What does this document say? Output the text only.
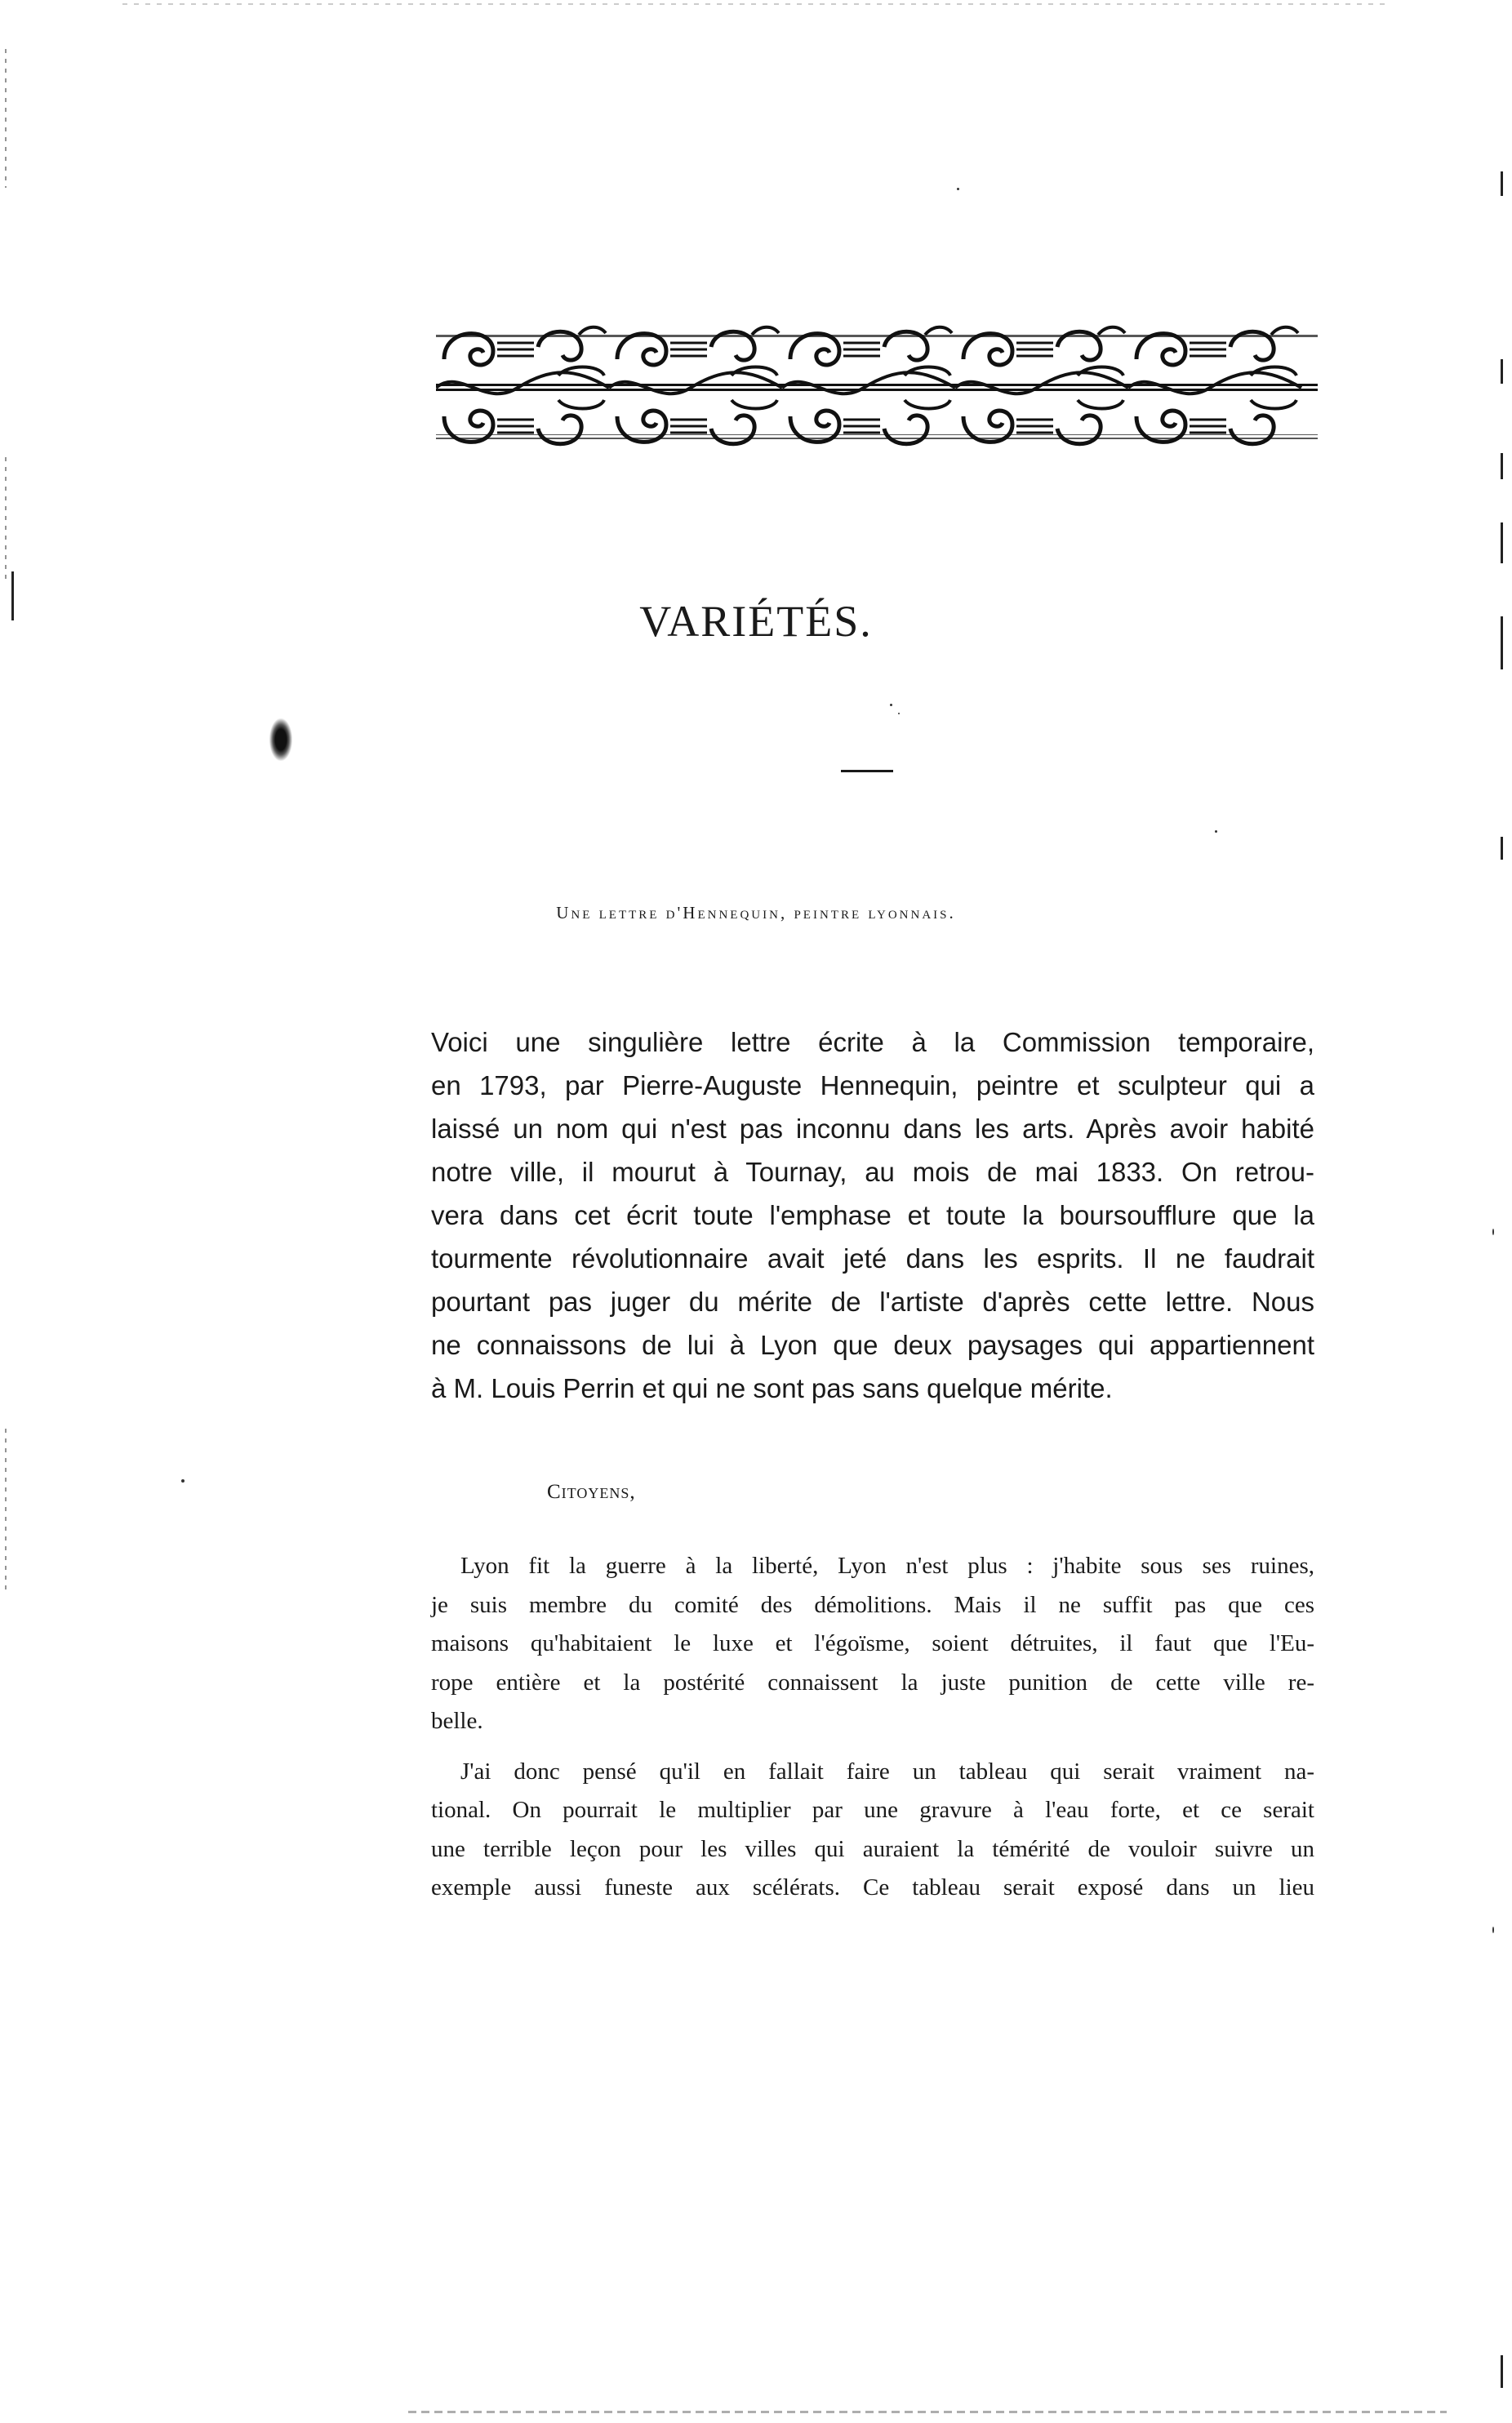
VARIÉTÉS.
Une lettre d'Hennequin, peintre lyonnais.

Voici une singulière lettre écrite à la Commission temporaire,
en 1793, par Pierre-Auguste Hennequin, peintre et sculpteur qui a
laissé un nom qui n'est pas inconnu dans les arts. Après avoir habité
notre ville, il mourut à Tournay, au mois de mai 1833. On retrou-
vera dans cet écrit toute l'emphase et toute la boursoufflure que la
tourmente révolutionnaire avait jeté dans les esprits. Il ne faudrait
pourtant pas juger du mérite de l'artiste d'après cette lettre. Nous
ne connaissons de lui à Lyon que deux paysages qui appartiennent
à M. Louis Perrin et qui ne sont pas sans quelque mérite.

Citoyens,

Lyon fit la guerre à la liberté, Lyon n'est plus : j'habite sous ses ruines,
je suis membre du comité des démolitions. Mais il ne suffit pas que ces
maisons qu'habitaient le luxe et l'égoïsme, soient détruites, il faut que l'Eu-
rope entière et la postérité connaissent la juste punition de cette ville re-
belle.
J'ai donc pensé qu'il en fallait faire un tableau qui serait vraiment na-
tional. On pourrait le multiplier par une gravure à l'eau forte, et ce serait
une terrible leçon pour les villes qui auraient la témérité de vouloir suivre un
exemple aussi funeste aux scélérats. Ce tableau serait exposé dans un lieu
